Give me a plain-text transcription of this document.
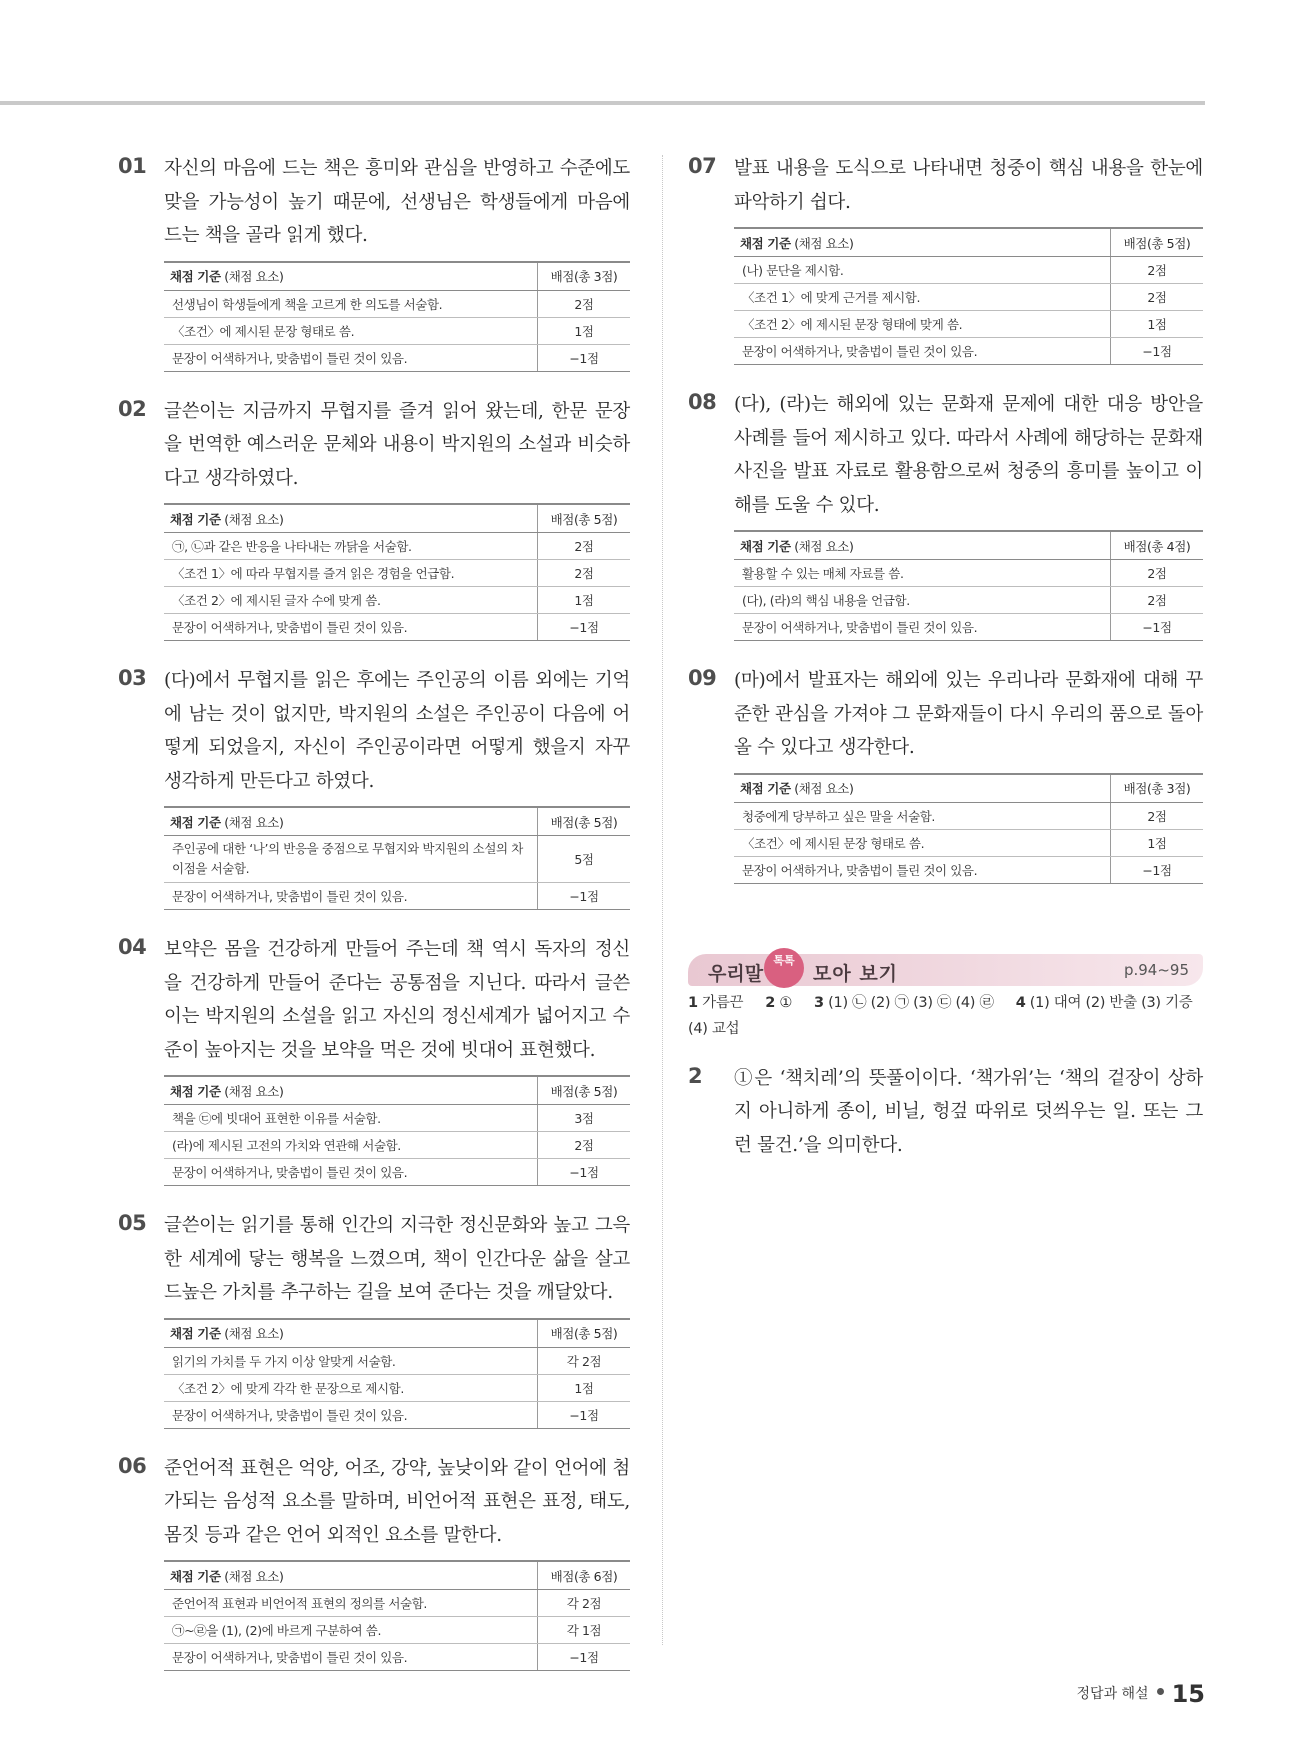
01 자신의 마음에 드는 책은 흥미와 관심을 반영하고 수준에도 맞을 가능성이 높기 때문에, 선생님은 학생들에게 마음에 드는 책을 골라 읽게 했다.

채점 기준 (채점 요소)	배점(총 3점)
선생님이 학생들에게 책을 고르게 한 의도를 서술함.	2점
〈조건〉에 제시된 문장 형태로 씀.	1점
문장이 어색하거나, 맞춤법이 틀린 것이 있음.	−1점
02 글쓴이는 지금까지 무협지를 즐겨 읽어 왔는데, 한문 문장을 번역한 예스러운 문체와 내용이 박지원의 소설과 비슷하다고 생각하였다.

채점 기준 (채점 요소)	배점(총 5점)
㉠, ㉡과 같은 반응을 나타내는 까닭을 서술함.	2점
〈조건 1〉에 따라 무협지를 즐겨 읽은 경험을 언급함.	2점
〈조건 2〉에 제시된 글자 수에 맞게 씀.	1점
문장이 어색하거나, 맞춤법이 틀린 것이 있음.	−1점
03 (다)에서 무협지를 읽은 후에는 주인공의 이름 외에는 기억에 남는 것이 없지만, 박지원의 소설은 주인공이 다음에 어떻게 되었을지, 자신이 주인공이라면 어떻게 했을지 자꾸 생각하게 만든다고 하였다.

채점 기준 (채점 요소)	배점(총 5점)
주인공에 대한 ‘나’의 반응을 중점으로 무협지와 박지원의 소설의 차이점을 서술함.	5점
문장이 어색하거나, 맞춤법이 틀린 것이 있음.	−1점
04 보약은 몸을 건강하게 만들어 주는데 책 역시 독자의 정신을 건강하게 만들어 준다는 공통점을 지닌다. 따라서 글쓴이는 박지원의 소설을 읽고 자신의 정신세계가 넓어지고 수준이 높아지는 것을 보약을 먹은 것에 빗대어 표현했다.

채점 기준 (채점 요소)	배점(총 5점)
책을 ㉢에 빗대어 표현한 이유를 서술함.	3점
(라)에 제시된 고전의 가치와 연관해 서술함.	2점
문장이 어색하거나, 맞춤법이 틀린 것이 있음.	−1점
05 글쓴이는 읽기를 통해 인간의 지극한 정신문화와 높고 그윽한 세계에 닿는 행복을 느꼈으며, 책이 인간다운 삶을 살고 드높은 가치를 추구하는 길을 보여 준다는 것을 깨달았다.

채점 기준 (채점 요소)	배점(총 5점)
읽기의 가치를 두 가지 이상 알맞게 서술함.	각 2점
〈조건 2〉에 맞게 각각 한 문장으로 제시함.	1점
문장이 어색하거나, 맞춤법이 틀린 것이 있음.	−1점
06 준언어적 표현은 억양, 어조, 강약, 높낮이와 같이 언어에 첨가되는 음성적 요소를 말하며, 비언어적 표현은 표정, 태도, 몸짓 등과 같은 언어 외적인 요소를 말한다.

채점 기준 (채점 요소)	배점(총 6점)
준언어적 표현과 비언어적 표현의 정의를 서술함.	각 2점
㉠~㉣을 (1), (2)에 바르게 구분하여 씀.	각 1점
문장이 어색하거나, 맞춤법이 틀린 것이 있음.	−1점
07 발표 내용을 도식으로 나타내면 청중이 핵심 내용을 한눈에 파악하기 쉽다.

채점 기준 (채점 요소)	배점(총 5점)
(나) 문단을 제시함.	2점
〈조건 1〉에 맞게 근거를 제시함.	2점
〈조건 2〉에 제시된 문장 형태에 맞게 씀.	1점
문장이 어색하거나, 맞춤법이 틀린 것이 있음.	−1점
08 (다), (라)는 해외에 있는 문화재 문제에 대한 대응 방안을 사례를 들어 제시하고 있다. 따라서 사례에 해당하는 문화재 사진을 발표 자료로 활용함으로써 청중의 흥미를 높이고 이해를 도울 수 있다.

채점 기준 (채점 요소)	배점(총 4점)
활용할 수 있는 매체 자료를 씀.	2점
(다), (라)의 핵심 내용을 언급함.	2점
문장이 어색하거나, 맞춤법이 틀린 것이 있음.	−1점
09 (마)에서 발표자는 해외에 있는 우리나라 문화재에 대해 꾸준한 관심을 가져야 그 문화재들이 다시 우리의 품으로 돌아올 수 있다고 생각한다.

채점 기준 (채점 요소)	배점(총 3점)
청중에게 당부하고 싶은 말을 서술함.	2점
〈조건〉에 제시된 문장 형태로 씀.	1점
문장이 어색하거나, 맞춤법이 틀린 것이 있음.	−1점
우리말
톡톡
모아 보기	p.94~95
1 가름끈 2 ① 3 (1) ㉡ (2) ㉠ (3) ㉢ (4) ㉣ 4 (1) 대여 (2) 반출 (3) 기증 (4) 교섭
2 ①은 ‘책치레’의 뜻풀이이다. ‘책가위’는 ‘책의 겉장이 상하지 아니하게 종이, 비닐, 헝겊 따위로 덧씌우는 일. 또는 그런 물건.’을 의미한다.

정답과 해설 15
